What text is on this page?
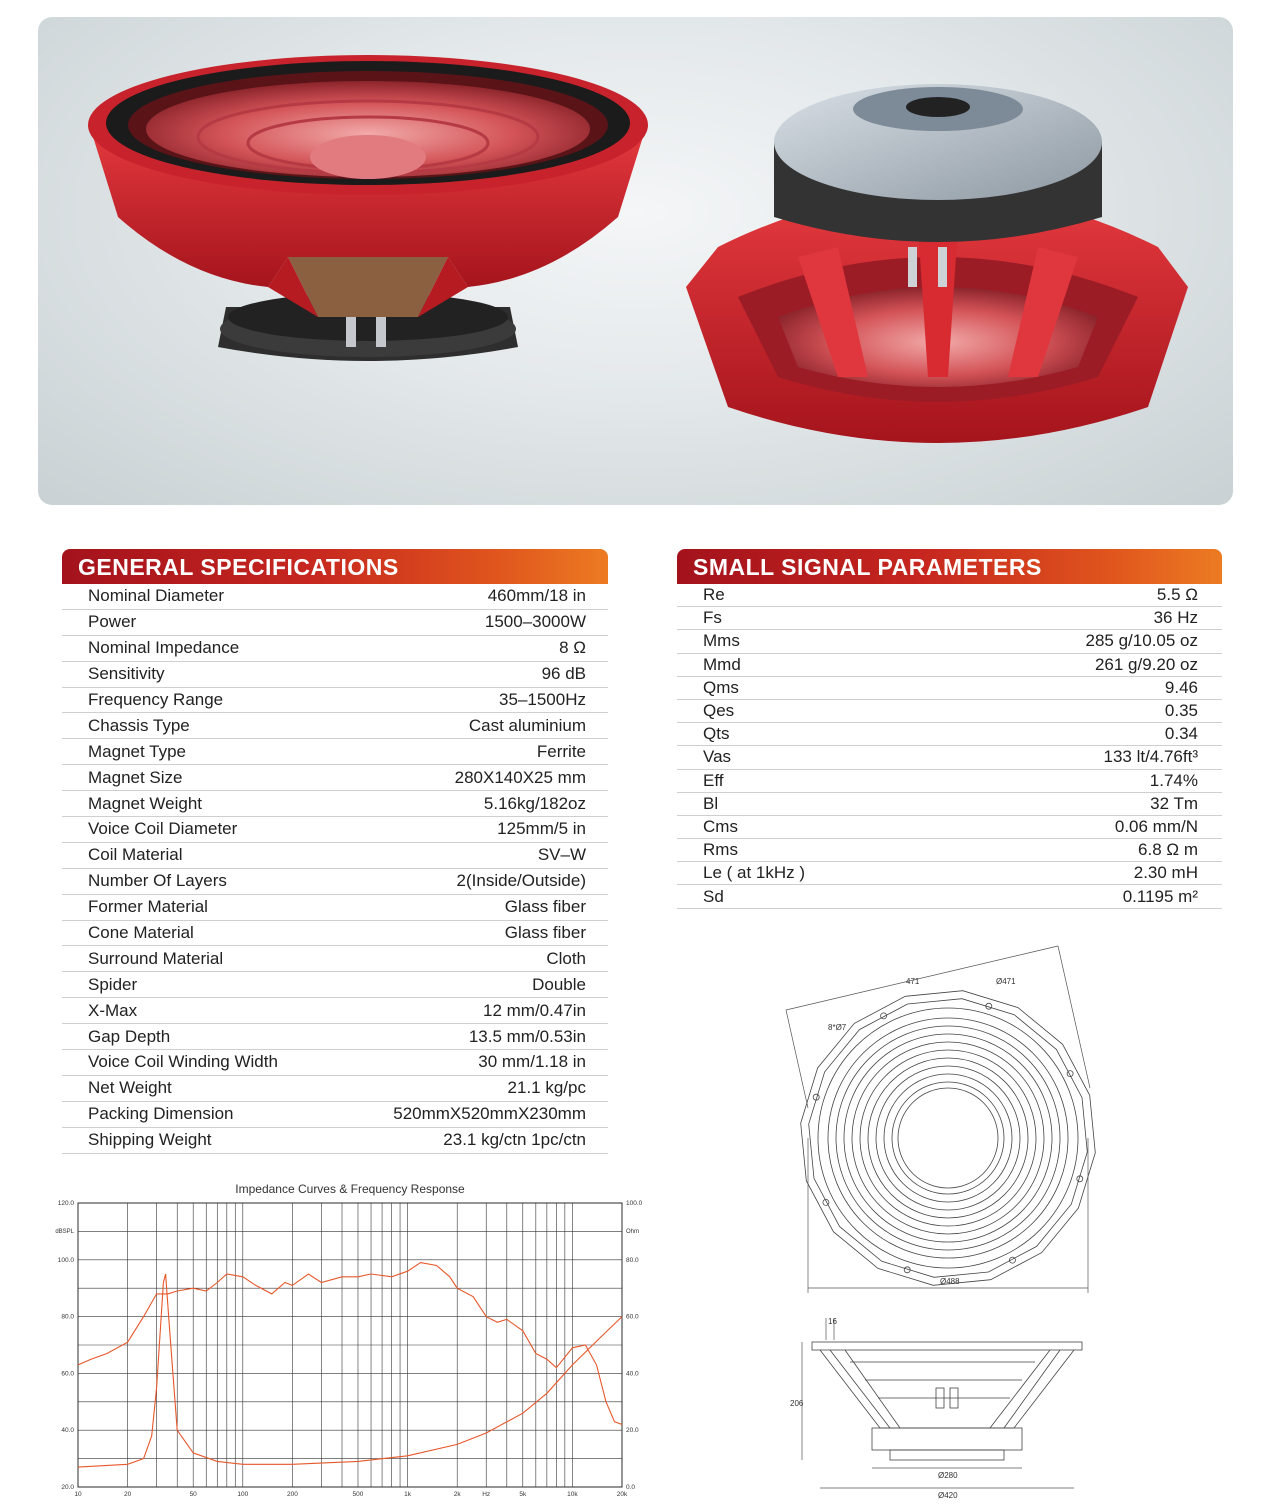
GENERAL SPECIFICATIONS
Nominal Diameter	460mm/18 in
Power	1500–3000W
Nominal Impedance	8 Ω
Sensitivity	96 dB
Frequency Range	35–1500Hz
Chassis Type	Cast aluminium
Magnet Type	Ferrite
Magnet Size	280X140X25 mm
Magnet Weight	5.16kg/182oz
Voice Coil Diameter	125mm/5 in
Coil Material	SV–W
Number Of Layers	2(Inside/Outside)
Former Material	Glass fiber
Cone Material	Glass fiber
Surround Material	Cloth
Spider	Double
X-Max	12 mm/0.47in
Gap Depth	13.5 mm/0.53in
Voice Coil Winding Width	30 mm/1.18 in
Net Weight	21.1 kg/pc
Packing Dimension	520mmX520mmX230mm
Shipping Weight	23.1 kg/ctn 1pc/ctn
SMALL SIGNAL PARAMETERS
Re	5.5 Ω
Fs	36 Hz
Mms	285 g/10.05 oz
Mmd	261 g/9.20 oz
Qms	9.46
Qes	0.35
Qts	0.34
Vas	133 lt/4.76ft³
Eff	1.74%
Bl	32 Tm
Cms	0.06 mm/N
Rms	6.8 Ω m
Le ( at 1kHz )	2.30 mH
Sd	0.1195 m²
Impedance Curves & Frequency Response
10	20	50	100	200	500	1k	2k	Hz	5k	10k	20k
20.0
40.0
60.0
80.0
100.0
120.0
dBSPL
0.0
20.0
40.0
60.0
80.0
100.0
Ohm
471	Ø471
8*Ø7
Ø488
16
206
Ø280
Ø420
